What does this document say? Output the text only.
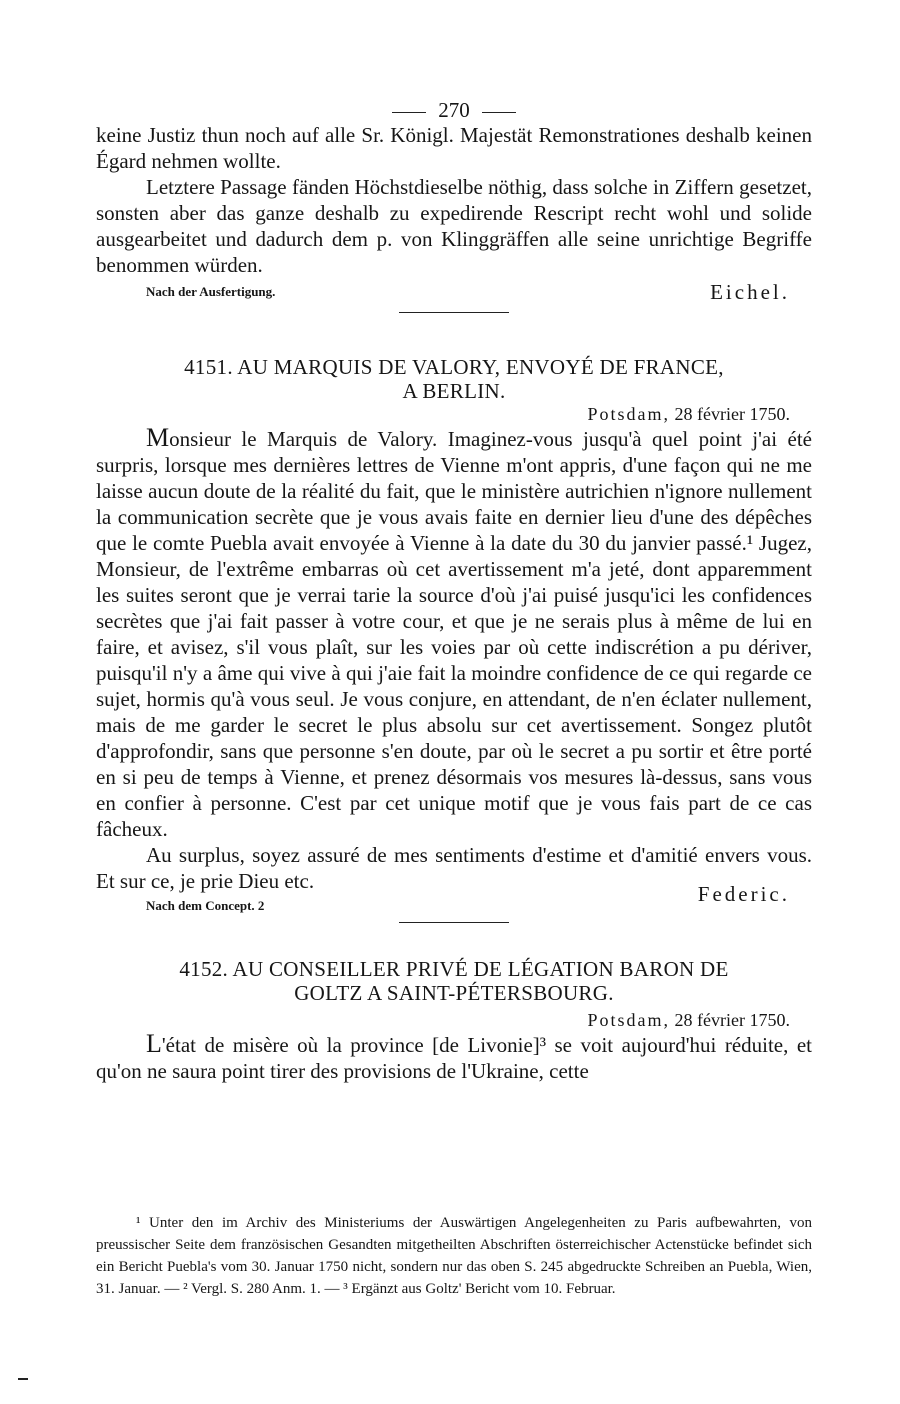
270

keine Justiz thun noch auf alle Sr. Königl. Majestät Remonstrationes deshalb keinen Égard nehmen wollte.

Letztere Passage fänden Höchstdieselbe nöthig, dass solche in Ziffern gesetzet, sonsten aber das ganze deshalb zu expedirende Rescript recht wohl und solide ausgearbeitet und dadurch dem p. von Klinggräffen alle seine unrichtige Begriffe benommen würden.

Nach der Ausfertigung.	Eichel.

4151. AU MARQUIS DE VALORY, ENVOYÉ DE FRANCE,

A BERLIN.

Potsdam, 28 février 1750.

Monsieur le Marquis de Valory. Imaginez-vous jusqu'à quel point j'ai été surpris, lorsque mes dernières lettres de Vienne m'ont appris, d'une façon qui ne me laisse aucun doute de la réalité du fait, que le ministère autrichien n'ignore nullement la communication secrète que je vous avais faite en dernier lieu d'une des dépêches que le comte Puebla avait envoyée à Vienne à la date du 30 du janvier passé.¹ Jugez, Monsieur, de l'extrême embarras où cet avertissement m'a jeté, dont apparemment les suites seront que je verrai tarie la source d'où j'ai puisé jusqu'ici les confidences secrètes que j'ai fait passer à votre cour, et que je ne serais plus à même de lui en faire, et avisez, s'il vous plaît, sur les voies par où cette indiscrétion a pu dériver, puisqu'il n'y a âme qui vive à qui j'aie fait la moindre confidence de ce qui regarde ce sujet, hormis qu'à vous seul. Je vous conjure, en attendant, de n'en éclater nullement, mais de me garder le secret le plus absolu sur cet avertissement. Songez plutôt d'approfondir, sans que personne s'en doute, par où le secret a pu sortir et être porté en si peu de temps à Vienne, et prenez désormais vos mesures là-dessus, sans vous en confier à personne. C'est par cet unique motif que je vous fais part de ce cas fâcheux.

Au surplus, soyez assuré de mes sentiments d'estime et d'amitié envers vous. Et sur ce, je prie Dieu etc.

Nach dem Concept. 2	Federic.

4152. AU CONSEILLER PRIVÉ DE LÉGATION BARON DE

GOLTZ A SAINT-PÉTERSBOURG.

Potsdam, 28 février 1750.

L'état de misère où la province [de Livonie]³ se voit aujourd'hui réduite, et qu'on ne saura point tirer des provisions de l'Ukraine, cette

¹ Unter den im Archiv des Ministeriums der Auswärtigen Angelegenheiten zu Paris aufbewahrten, von preussischer Seite dem französischen Gesandten mitgetheilten Abschriften österreichischer Actenstücke befindet sich ein Bericht Puebla's vom 30. Januar 1750 nicht, sondern nur das oben S. 245 abgedruckte Schreiben an Puebla, Wien, 31. Januar. — ² Vergl. S. 280 Anm. 1. — ³ Ergänzt aus Goltz' Bericht vom 10. Februar.
